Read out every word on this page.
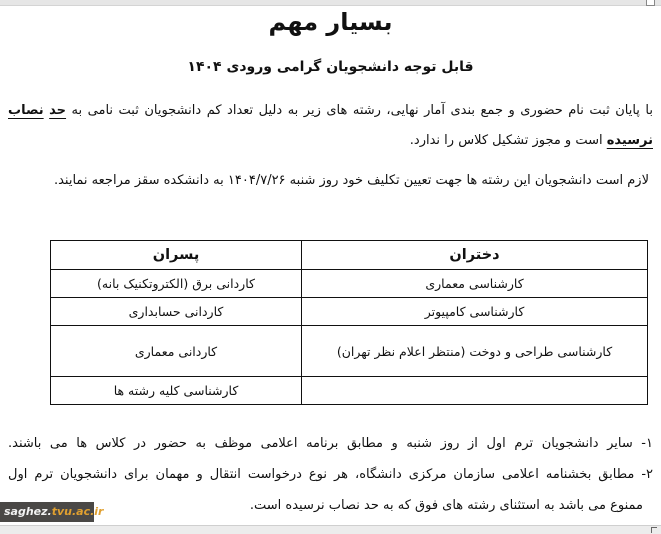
بسیار مهم
قابل توجه دانشجویان گرامی ورودی ۱۴۰۴
با پایان ثبت نام حضوری و جمع بندی آمار نهایی، رشته های زیر به دلیل تعداد کم دانشجویان ثبت نامی به حد نصاب نرسیده است و مجوز تشکیل کلاس را ندارد.
لازم است دانشجویان این رشته ها جهت تعیین تکلیف خود روز شنبه ۱۴۰۴/۷/۲۶ به دانشکده سقز مراجعه نمایند.
دختران	پسران
کارشناسی معماری	کاردانی برق (الکتروتکنیک بانه)
کارشناسی کامپیوتر	کاردانی حسابداری
کارشناسی طراحی و دوخت (منتظر اعلام نظر تهران)	کاردانی معماری
	کارشناسی کلیه رشته ها
۱- سایر دانشجویان ترم اول از روز شنبه و مطابق برنامه اعلامی موظف به حضور در کلاس ها می باشند.
۲- مطابق بخشنامه اعلامی سازمان مرکزی دانشگاه، هر نوع درخواست انتقال و مهمان برای دانشجویان ترم اول
ممنوع می باشد به استثنای رشته های فوق که به حد نصاب نرسیده است.
saghez.tvu.ac.ir
